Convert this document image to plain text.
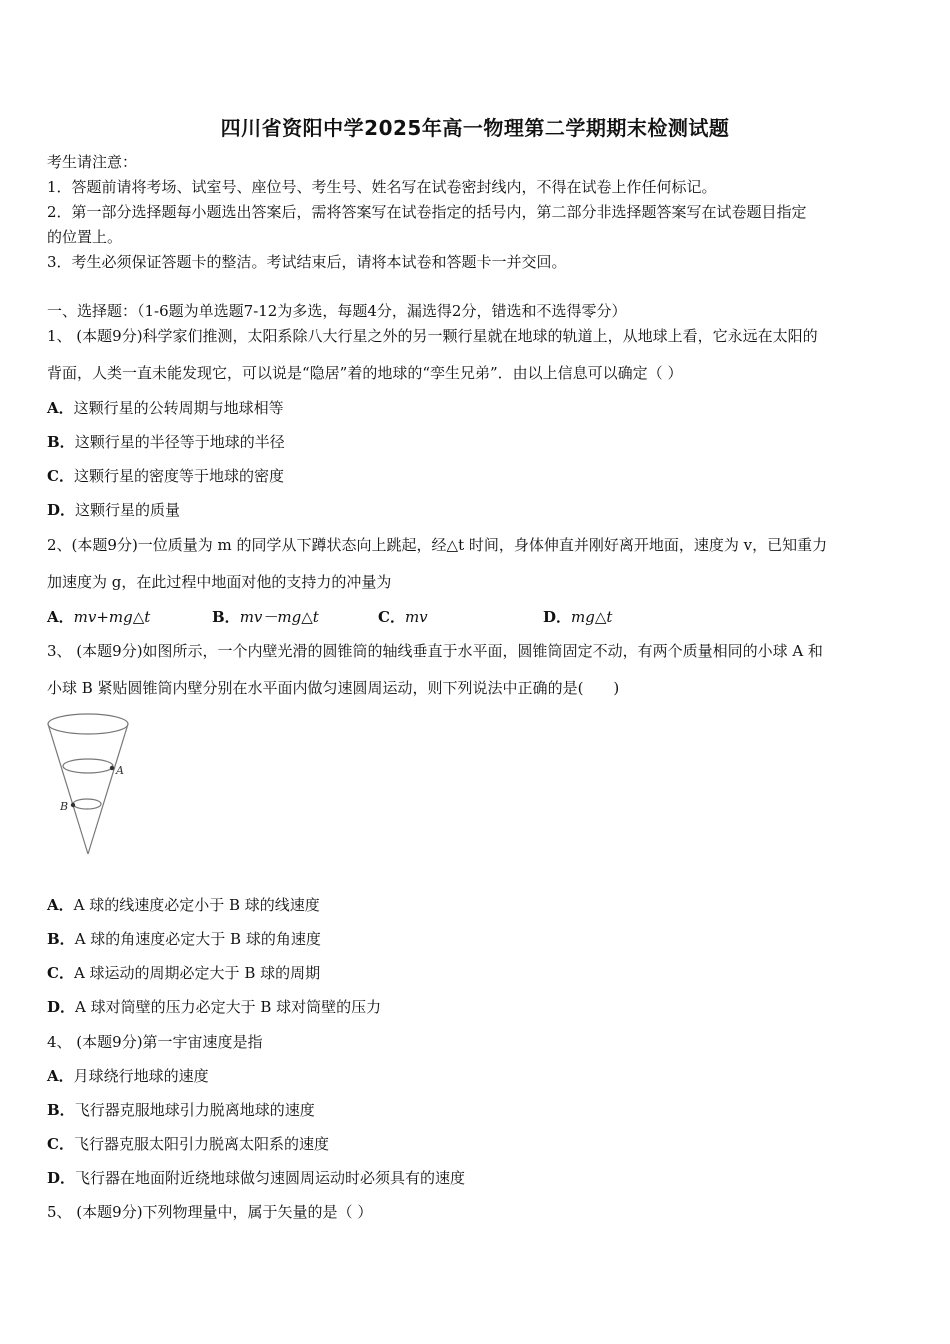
四川省资阳中学2025年高一物理第二学期期末检测试题
考生请注意：
1．答题前请将考场、试室号、座位号、考生号、姓名写在试卷密封线内，不得在试卷上作任何标记。
2．第一部分选择题每小题选出答案后，需将答案写在试卷指定的括号内，第二部分非选择题答案写在试卷题目指定
的位置上。
3．考生必须保证答题卡的整洁。考试结束后，请将本试卷和答题卡一并交回。
一、选择题：（1-6题为单选题7-12为多选，每题4分，漏选得2分，错选和不选得零分）
1、 (本题9分)科学家们推测，太阳系除八大行星之外的另一颗行星就在地球的轨道上，从地球上看，它永远在太阳的
背面，人类一直未能发现它，可以说是“隐居”着的地球的“孪生兄弟”．由以上信息可以确定（ ）
A．这颗行星的公转周期与地球相等
B．这颗行星的半径等于地球的半径
C．这颗行星的密度等于地球的密度
D．这颗行星的质量
2、(本题9分)一位质量为 m 的同学从下蹲状态向上跳起，经△t 时间，身体伸直并刚好离开地面，速度为 v，已知重力
加速度为 g，在此过程中地面对他的支持力的冲量为
A．mv+mg△t	B．mv－mg△t	C．mv	D．mg△t
3、 (本题9分)如图所示，一个内壁光滑的圆锥筒的轴线垂直于水平面，圆锥筒固定不动，有两个质量相同的小球 A 和
小球 B 紧贴圆锥筒内壁分别在水平面内做匀速圆周运动，则下列说法中正确的是(　　)
A
B
A．A 球的线速度必定小于 B 球的线速度
B．A 球的角速度必定大于 B 球的角速度
C．A 球运动的周期必定大于 B 球的周期
D．A 球对筒壁的压力必定大于 B 球对筒壁的压力
4、 (本题9分)第一宇宙速度是指
A．月球绕行地球的速度
B．飞行器克服地球引力脱离地球的速度
C．飞行器克服太阳引力脱离太阳系的速度
D．飞行器在地面附近绕地球做匀速圆周运动时必须具有的速度
5、 (本题9分)下列物理量中，属于矢量的是（ ）
